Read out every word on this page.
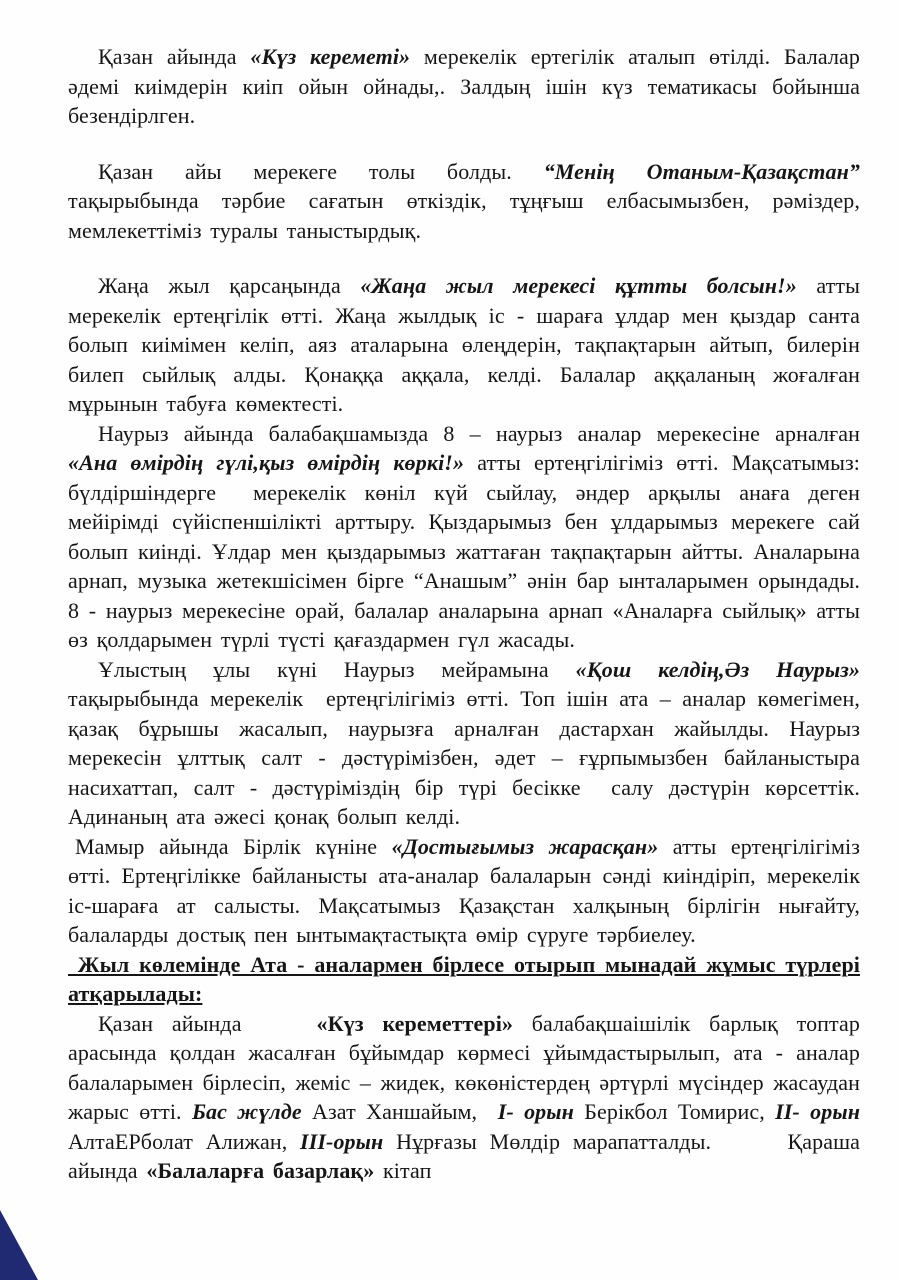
Қазан айында «Күз кереметі» мерекелік ертегілік аталып өтілді. Балалар әдемі киімдерін киіп ойын ойнады,. Залдың ішін күз тематикасы бойынша безендірлген.

Қазан айы мерекеге толы болды. “Менің Отаным-Қазақстан” тақырыбында тәрбие сағатын өткіздік, тұңғыш елбасымызбен, рәміздер, мемлекеттіміз туралы таныстырдық.

Жаңа жыл қарсаңында «Жаңа жыл мерекесі құтты болсын!» атты мерекелік ертеңгілік өтті. Жаңа жылдық іс - шараға ұлдар мен қыздар санта болып киімімен келіп, аяз аталарына өлеңдерін, тақпақтарын айтып, билерін билеп сыйлық алды. Қонаққа аққала, келді. Балалар аққаланың жоғалған мұрынын табуға көмектесті.

Наурыз айында балабақшамызда 8 – наурыз аналар мерекесіне арналған «Ана өмірдің гүлі,қыз өмірдің көркі!» атты ертеңгілігіміз өтті. Мақсатымыз: бүлдіршіндерге  мерекелік көніл күй сыйлау, әндер арқылы анаға деген мейірімді сүйіспеншілікті арттыру. Қыздарымыз бен ұлдарымыз мерекеге сай болып киінді. Ұлдар мен қыздарымыз жаттаған тақпақтарын айтты. Аналарына арнап, музыка жетекшісімен бірге “Анашым” әнін бар ынталарымен орындады. 8 - наурыз мерекесіне орай, балалар аналарына арнап «Аналарға сыйлық» атты өз қолдарымен түрлі түсті қағаздармен гүл жасады.

Ұлыстың ұлы күні Наурыз мейрамына «Қош келдің,Әз Наурыз» тақырыбында мерекелік  ертеңгілігіміз өтті. Топ ішін ата – аналар көмегімен, қазақ бұрышы жасалып, наурызға арналған дастархан жайылды. Наурыз мерекесін ұлттық салт - дәстүрімізбен, әдет – ғұрпымызбен байланыстыра насихаттап, салт - дәстүріміздің бір түрі бесікке  салу дәстүрін көрсеттік. Адинаның ата әжесі қонақ болып келді.

Мамыр айында Бірлік күніне «Достығымыз жарасқан» атты ертеңгілігіміз өтті. Ертеңгілікке байланысты ата-аналар балаларын сәнді киіндіріп, мерекелік іс-шараға ат салысты. Мақсатымыз Қазақстан халқының бірлігін нығайту, балаларды достық пен ынтымақтастықта өмір сүруге тәрбиелеу.

Жыл көлемінде Ата - аналармен бірлесе отырып мынадай жұмыс түрлері атқарылады:

Қазан айында    «Күз кереметтері» балабақшаішілік барлық топтар арасында қолдан жасалған бұйымдар көрмесі ұйымдастырылып, ата - аналар балаларымен бірлесіп, жеміс – жидек, көкөністердең әртүрлі мүсіндер жасаудан жарыс өтті. Бас жүлде Азат Ханшайым,  I- орын Берікбол Томирис, II- орын АлтаЕРболат Алижан, III-орын Нұрғазы Мөлдір марапатталды.      Қараша айында «Балаларға базарлақ» кітап
